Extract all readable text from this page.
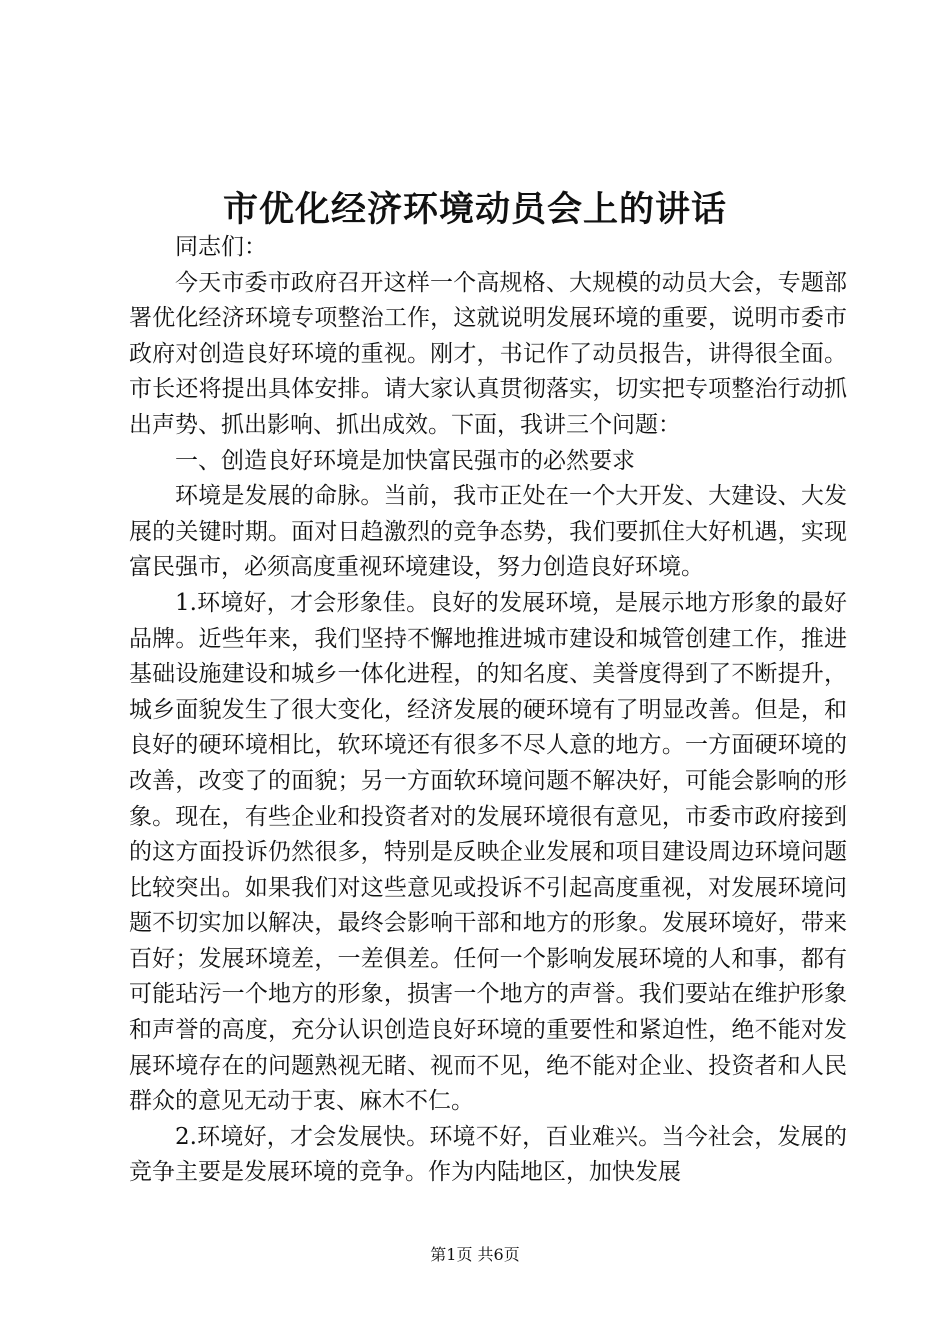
市优化经济环境动员会上的讲话

同志们：

今天市委市政府召开这样一个高规格、大规模的动员大会，专题部署优化经济环境专项整治工作，这就说明发展环境的重要，说明市委市政府对创造良好环境的重视。刚才，书记作了动员报告，讲得很全面。市长还将提出具体安排。请大家认真贯彻落实，切实把专项整治行动抓出声势、抓出影响、抓出成效。下面，我讲三个问题：

一、创造良好环境是加快富民强市的必然要求

环境是发展的命脉。当前，我市正处在一个大开发、大建设、大发展的关键时期。面对日趋激烈的竞争态势，我们要抓住大好机遇，实现富民强市，必须高度重视环境建设，努力创造良好环境。

1.环境好，才会形象佳。良好的发展环境，是展示地方形象的最好品牌。近些年来，我们坚持不懈地推进城市建设和城管创建工作，推进基础设施建设和城乡一体化进程，的知名度、美誉度得到了不断提升，城乡面貌发生了很大变化，经济发展的硬环境有了明显改善。但是，和良好的硬环境相比，软环境还有很多不尽人意的地方。一方面硬环境的改善，改变了的面貌；另一方面软环境问题不解决好，可能会影响的形象。现在，有些企业和投资者对的发展环境很有意见，市委市政府接到的这方面投诉仍然很多，特别是反映企业发展和项目建设周边环境问题比较突出。如果我们对这些意见或投诉不引起高度重视，对发展环境问题不切实加以解决，最终会影响干部和地方的形象。发展环境好，带来百好；发展环境差，一差俱差。任何一个影响发展环境的人和事，都有可能玷污一个地方的形象，损害一个地方的声誉。我们要站在维护形象和声誉的高度，充分认识创造良好环境的重要性和紧迫性，绝不能对发展环境存在的问题熟视无睹、视而不见，绝不能对企业、投资者和人民群众的意见无动于衷、麻木不仁。

2.环境好，才会发展快。环境不好，百业难兴。当今社会，发展的竞争主要是发展环境的竞争。作为内陆地区，加快发展

第1页 共6页
